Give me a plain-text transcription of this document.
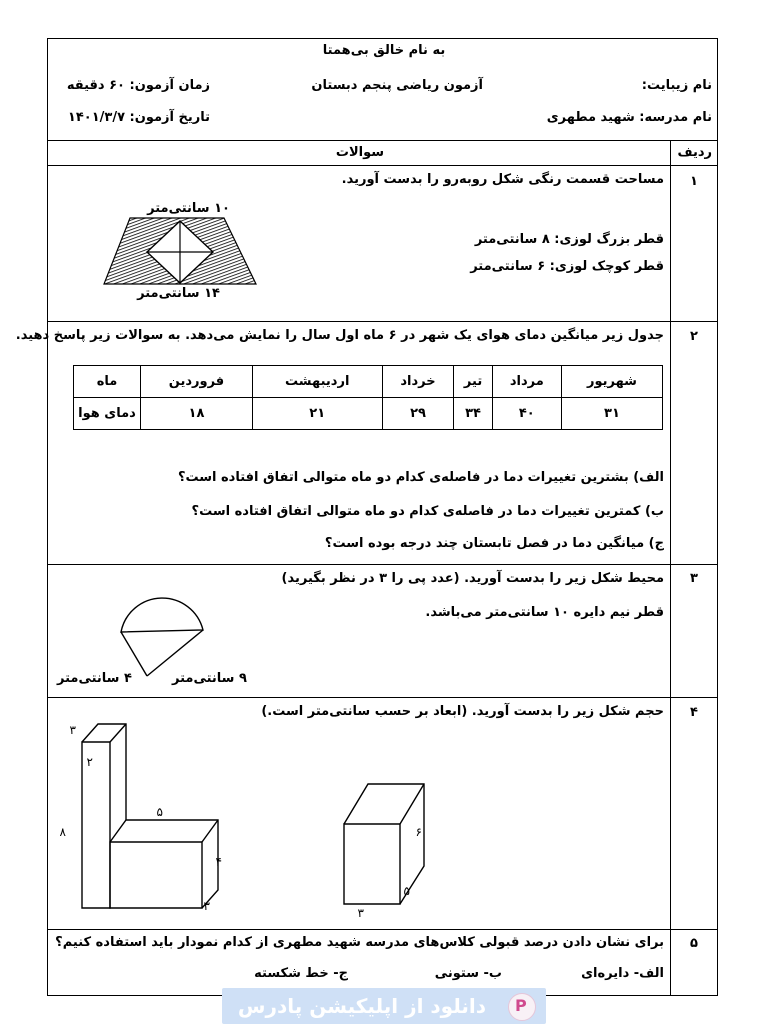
به نام خالق بی‌همتا
نام زیبایت:
آزمون ریاضی پنجم دبستان
زمان آزمون: ۶۰ دقیقه
نام مدرسه: شهید مطهری
تاریخ آزمون: ۱۴۰۱/۳/۷
ردیف
سوالات
۱
مساحت قسمت رنگی شکل روبه‌رو را بدست آورید.
قطر بزرگ لوزی: ۸ سانتی‌متر
قطر کوچک لوزی: ۶ سانتی‌متر
۱۰ سانتی‌متر
۱۴ سانتی‌متر
۲
جدول زیر میانگین دمای هوای یک شهر در ۶ ماه اول سال را نمایش می‌دهد. به سوالات زیر پاسخ دهید.
شهریور	مرداد	تیر	خرداد	اردیبهشت	فروردین	ماه
۳۱	۴۰	۳۴	۲۹	۲۱	۱۸	دمای هوا
الف) بشترین تغییرات دما در فاصله‌ی کدام دو ماه متوالی اتفاق افتاده است؟
ب) کمترین تغییرات دما در فاصله‌ی کدام دو ماه متوالی اتفاق افتاده است؟
ج) میانگین دما در فصل تابستان چند درجه بوده است؟
۳
محیط شکل زیر را بدست آورید. (عدد پی را ۳ در نظر بگیرید)
قطر نیم دایره ۱۰ سانتی‌متر می‌باشد.
۹ سانتی‌متر
۴ سانتی‌متر
۴
حجم شکل زیر را بدست آورید. (ابعاد بر حسب سانتی‌متر است.)
۳
۲
۸
۵
۴
۳
۶
۵
۳
۵
برای نشان دادن درصد قبولی کلاس‌های مدرسه شهید مطهری از کدام نمودار باید استفاده کنیم؟
الف- دایره‌ای
ب- ستونی
ج- خط شکسته
P
دانلود از اپلیکیشن پادرس
